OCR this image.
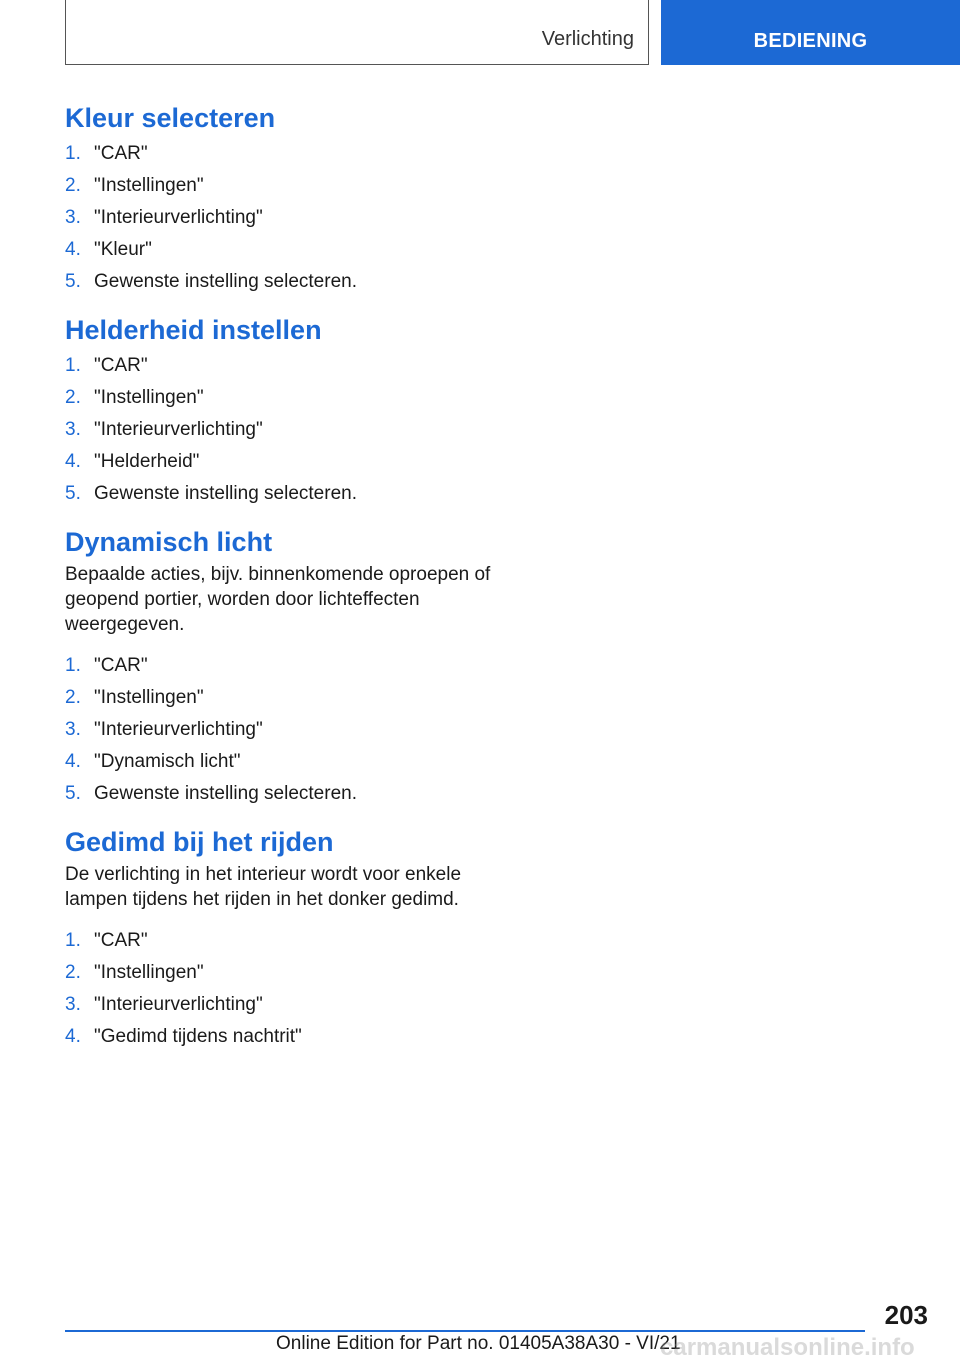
Verlichting	BEDIENING
Kleur selecteren
1. "CAR"
2. "Instellingen"
3. "Interieurverlichting"
4. "Kleur"
5. Gewenste instelling selecteren.
Helderheid instellen
1. "CAR"
2. "Instellingen"
3. "Interieurverlichting"
4. "Helderheid"
5. Gewenste instelling selecteren.
Dynamisch licht

Bepaalde acties, bijv. binnenkomende oproepen of geopend portier, worden door lichteffecten weergegeven.

1. "CAR"
2. "Instellingen"
3. "Interieurverlichting"
4. "Dynamisch licht"
5. Gewenste instelling selecteren.
Gedimd bij het rijden

De verlichting in het interieur wordt voor enkele lampen tijdens het rijden in het donker gedimd.

1. "CAR"
2. "Instellingen"
3. "Interieurverlichting"
4. "Gedimd tijdens nachtrit"
203
Online Edition for Part no. 01405A38A30 - VI/21
carmanualsonline.info
